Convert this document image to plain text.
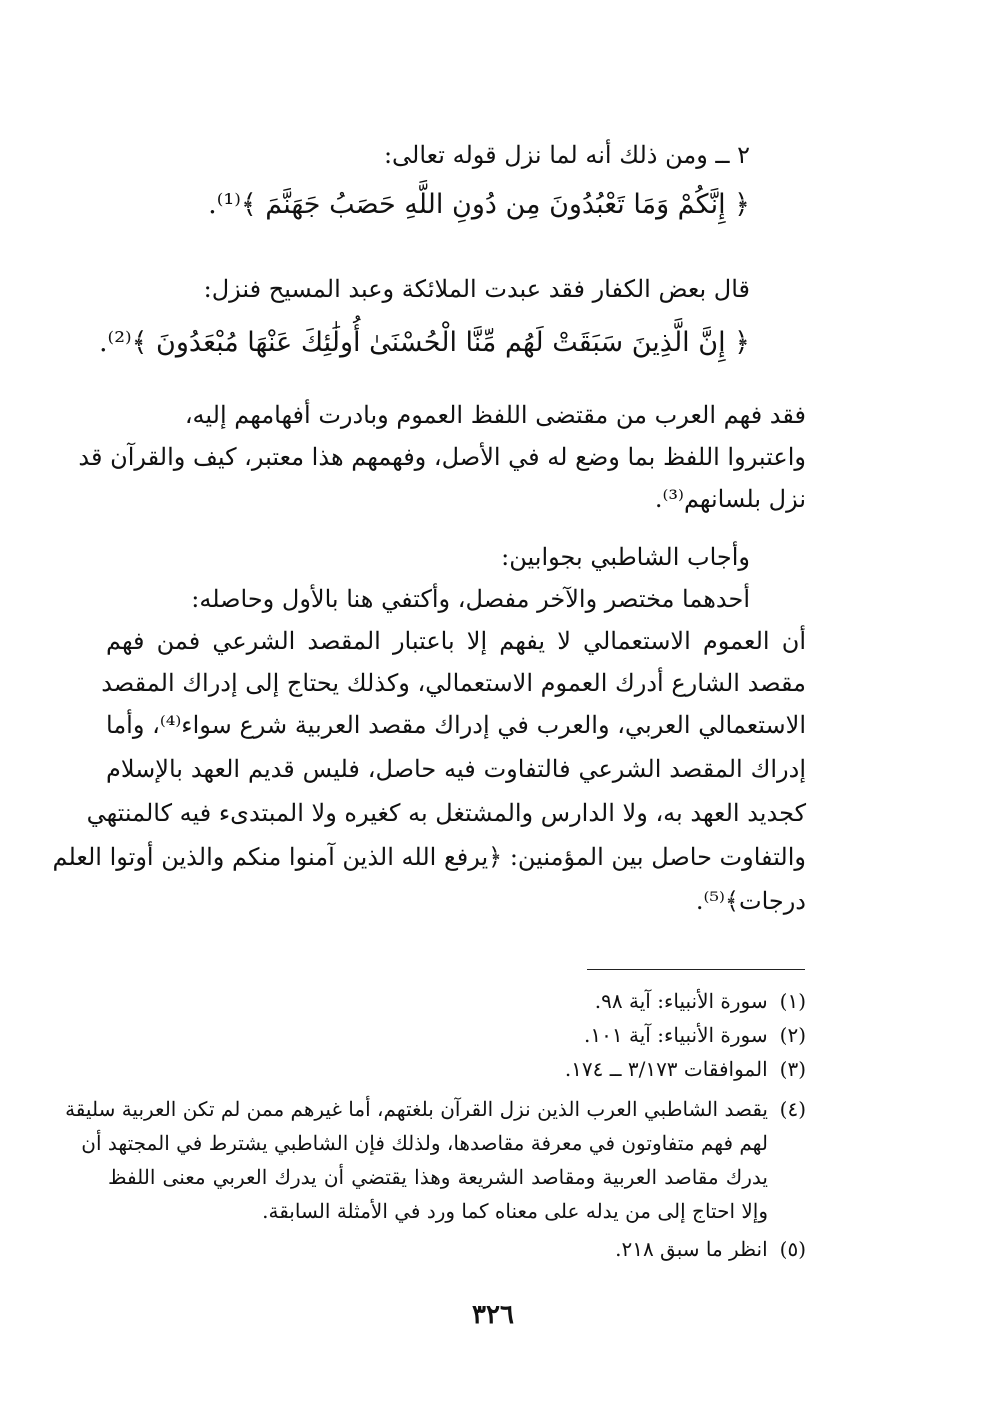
٢ ــ ومن ذلك أنه لما نزل قوله تعالى:
﴿ إِنَّكُمْ وَمَا تَعْبُدُونَ مِن دُونِ اللَّهِ حَصَبُ جَهَنَّمَ ﴾⁽¹⁾.
قال بعض الكفار فقد عبدت الملائكة وعبد المسيح فنزل:
﴿ إِنَّ الَّذِينَ سَبَقَتْ لَهُم مِّنَّا الْحُسْنَىٰ أُولَٰئِكَ عَنْهَا مُبْعَدُونَ ﴾⁽²⁾.
فقد فهم العرب من مقتضى اللفظ العموم وبادرت أفهامهم إليه،
واعتبروا اللفظ بما وضع له في الأصل، وفهمهم هذا معتبر، كيف والقرآن قد
نزل بلسانهم⁽³⁾.
وأجاب الشاطبي بجوابين:
أحدهما مختصر والآخر مفصل، وأكتفي هنا بالأول وحاصله:
أن العموم الاستعمالي لا يفهم إلا باعتبار المقصد الشرعي فمن فهم
مقصد الشارع أدرك العموم الاستعمالي، وكذلك يحتاج إلى إدراك المقصد
الاستعمالي العربي، والعرب في إدراك مقصد العربية شرع سواء⁽⁴⁾، وأما
إدراك المقصد الشرعي فالتفاوت فيه حاصل، فليس قديم العهد بالإسلام
كجديد العهد به، ولا الدارس والمشتغل به كغيره ولا المبتدىء فيه كالمنتهي
والتفاوت حاصل بين المؤمنين: ﴿يرفع الله الذين آمنوا منكم والذين أوتوا العلم
درجات﴾⁽⁵⁾.
(١)سورة الأنبياء: آية ٩٨.
(٢)سورة الأنبياء: آية ١٠١.
(٣)الموافقات ٣/١٧٣ ــ ١٧٤.
(٤)
يقصد الشاطبي العرب الذين نزل القرآن بلغتهم، أما غيرهم ممن لم تكن العربية سليقة
لهم فهم متفاوتون في معرفة مقاصدها، ولذلك فإن الشاطبي يشترط في المجتهد أن
يدرك مقاصد العربية ومقاصد الشريعة وهذا يقتضي أن يدرك العربي معنى اللفظ
وإلا احتاج إلى من يدله على معناه كما ورد في الأمثلة السابقة.
(٥)انظر ما سبق ٢١٨.
٣٢٦
